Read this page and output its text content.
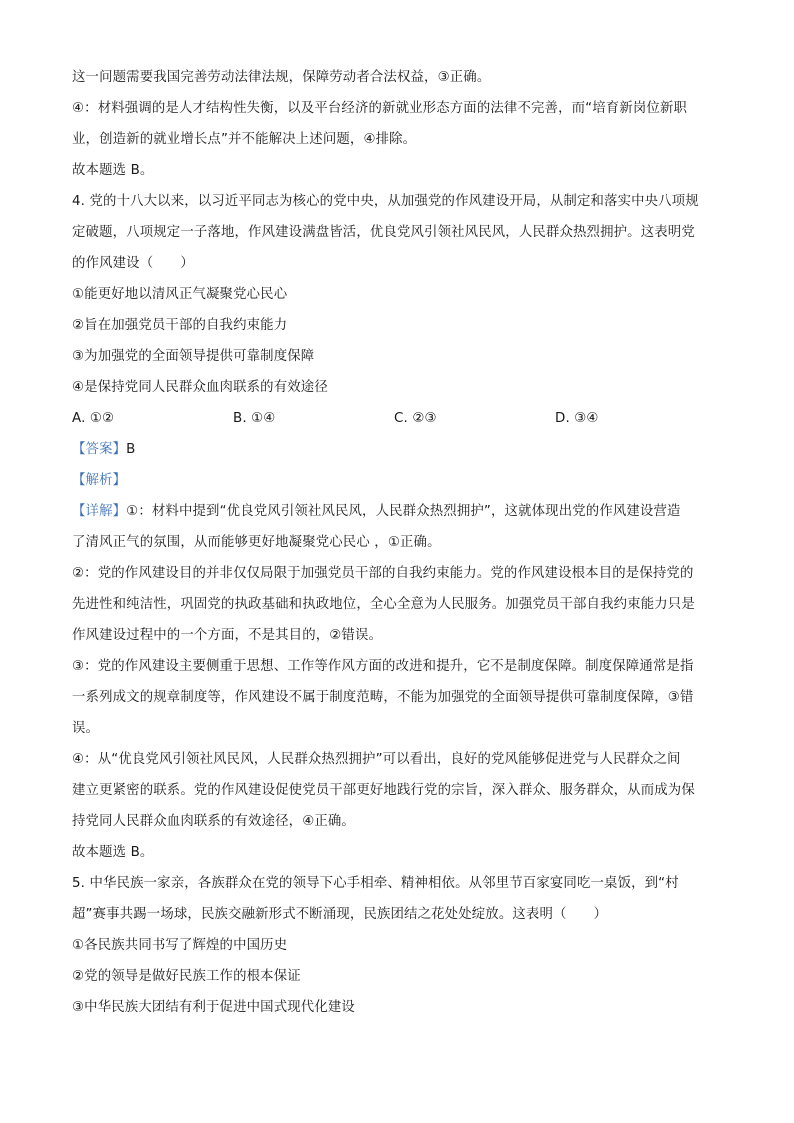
这一问题需要我国完善劳动法律法规，保障劳动者合法权益，③正确。
④：材料强调的是人才结构性失衡，以及平台经济的新就业形态方面的法律不完善，而“培育新岗位新职
业，创造新的就业增长点”并不能解决上述问题，④排除。
故本题选 B。
4. 党的十八大以来，以习近平同志为核心的党中央，从加强党的作风建设开局，从制定和落实中央八项规
定破题，八项规定一子落地，作风建设满盘皆活，优良党风引领社风民风，人民群众热烈拥护。这表明党
的作风建设（　　）
①能更好地以清风正气凝聚党心民心
②旨在加强党员干部的自我约束能力
③为加强党的全面领导提供可靠制度保障
④是保持党同人民群众血肉联系的有效途径
A. ①②	B. ①④	C. ②③	D. ③④
【答案】B
【解析】
【详解】①：材料中提到“优良党风引领社风民风，人民群众热烈拥护”，这就体现出党的作风建设营造
了清风正气的氛围，从而能够更好地凝聚党心民心 ，①正确。
②：党的作风建设目的并非仅仅局限于加强党员干部的自我约束能力。党的作风建设根本目的是保持党的
先进性和纯洁性，巩固党的执政基础和执政地位，全心全意为人民服务。加强党员干部自我约束能力只是
作风建设过程中的一个方面，不是其目的，②错误。
③：党的作风建设主要侧重于思想、工作等作风方面的改进和提升，它不是制度保障。制度保障通常是指
一系列成文的规章制度等，作风建设不属于制度范畴，不能为加强党的全面领导提供可靠制度保障，③错
误。
④：从“优良党风引领社风民风，人民群众热烈拥护”可以看出，良好的党风能够促进党与人民群众之间
建立更紧密的联系。党的作风建设促使党员干部更好地践行党的宗旨，深入群众、服务群众，从而成为保
持党同人民群众血肉联系的有效途径，④正确。
故本题选 B。
5. 中华民族一家亲，各族群众在党的领导下心手相牵、精神相依。从邻里节百家宴同吃一桌饭，到“村
超”赛事共踢一场球，民族交融新形式不断涌现，民族团结之花处处绽放。这表明（　　）
①各民族共同书写了辉煌的中国历史
②党的领导是做好民族工作的根本保证
③中华民族大团结有利于促进中国式现代化建设
